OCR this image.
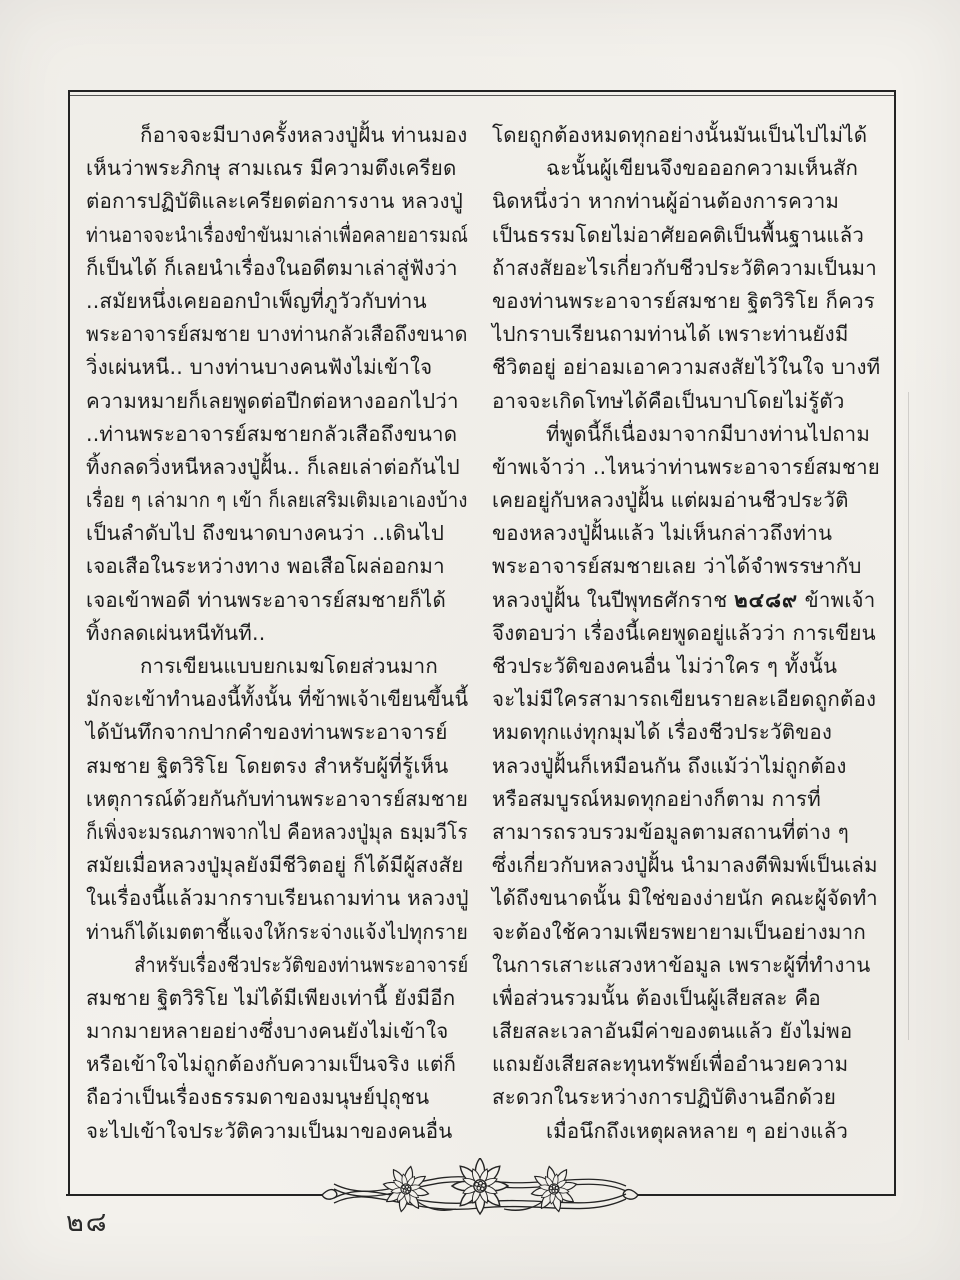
ก็อาจจะมีบางครั้งหลวงปู่ฝั้น ท่านมอง
เห็นว่าพระภิกษุ สามเณร มีความตึงเครียด
ต่อการปฏิบัติและเครียดต่อการงาน หลวงปู่
ท่านอาจจะนำเรื่องขำขันมาเล่าเพื่อคลายอารมณ์
ก็เป็นได้ ก็เลยนำเรื่องในอดีตมาเล่าสู่ฟังว่า
..สมัยหนึ่งเคยออกบำเพ็ญที่ภูวัวกับท่าน
พระอาจารย์สมชาย บางท่านกลัวเสือถึงขนาด
วิ่งเผ่นหนี.. บางท่านบางคนฟังไม่เข้าใจ
ความหมายก็เลยพูดต่อปีกต่อหางออกไปว่า
..ท่านพระอาจารย์สมชายกลัวเสือถึงขนาด
ทิ้งกลดวิ่งหนีหลวงปู่ฝั้น.. ก็เลยเล่าต่อกันไป
เรื่อย ๆ เล่ามาก ๆ เข้า ก็เลยเสริมเติมเอาเองบ้าง
เป็นลำดับไป ถึงขนาดบางคนว่า ..เดินไป
เจอเสือในระหว่างทาง พอเสือโผล่ออกมา
เจอเข้าพอดี ท่านพระอาจารย์สมชายก็ได้
ทิ้งกลดเผ่นหนีทันที..
การเขียนแบบยกเมฆโดยส่วนมาก
มักจะเข้าทำนองนี้ทั้งนั้น ที่ข้าพเจ้าเขียนขึ้นนี้
ได้บันทึกจากปากคำของท่านพระอาจารย์
สมชาย ฐิตวิริโย โดยตรง สำหรับผู้ที่รู้เห็น
เหตุการณ์ด้วยกันกับท่านพระอาจารย์สมชาย
ก็เพิ่งจะมรณภาพจากไป คือหลวงปู่มุล ธมฺมวีโร
สมัยเมื่อหลวงปู่มุลยังมีชีวิตอยู่ ก็ได้มีผู้สงสัย
ในเรื่องนี้แล้วมากราบเรียนถามท่าน หลวงปู่
ท่านก็ได้เมตตาชี้แจงให้กระจ่างแจ้งไปทุกราย
สำหรับเรื่องชีวประวัติของท่านพระอาจารย์
สมชาย ฐิตวิริโย ไม่ได้มีเพียงเท่านี้ ยังมีอีก
มากมายหลายอย่างซึ่งบางคนยังไม่เข้าใจ
หรือเข้าใจไม่ถูกต้องกับความเป็นจริง แต่ก็
ถือว่าเป็นเรื่องธรรมดาของมนุษย์ปุถุชน
จะไปเข้าใจประวัติความเป็นมาของคนอื่น
โดยถูกต้องหมดทุกอย่างนั้นมันเป็นไปไม่ได้
ฉะนั้นผู้เขียนจึงขอออกความเห็นสัก
นิดหนึ่งว่า หากท่านผู้อ่านต้องการความ
เป็นธรรมโดยไม่อาศัยอคติเป็นพื้นฐานแล้ว
ถ้าสงสัยอะไรเกี่ยวกับชีวประวัติความเป็นมา
ของท่านพระอาจารย์สมชาย ฐิตวิริโย ก็ควร
ไปกราบเรียนถามท่านได้ เพราะท่านยังมี
ชีวิตอยู่ อย่าอมเอาความสงสัยไว้ในใจ บางที
อาจจะเกิดโทษได้คือเป็นบาปโดยไม่รู้ตัว
ที่พูดนี้ก็เนื่องมาจากมีบางท่านไปถาม
ข้าพเจ้าว่า ..ไหนว่าท่านพระอาจารย์สมชาย
เคยอยู่กับหลวงปู่ฝั้น แต่ผมอ่านชีวประวัติ
ของหลวงปู่ฝั้นแล้ว ไม่เห็นกล่าวถึงท่าน
พระอาจารย์สมชายเลย ว่าได้จำพรรษากับ
หลวงปู่ฝั้น ในปีพุทธศักราช ๒๔๘๙ ข้าพเจ้า
จึงตอบว่า เรื่องนี้เคยพูดอยู่แล้วว่า การเขียน
ชีวประวัติของคนอื่น ไม่ว่าใคร ๆ ทั้งนั้น
จะไม่มีใครสามารถเขียนรายละเอียดถูกต้อง
หมดทุกแง่ทุกมุมได้ เรื่องชีวประวัติของ
หลวงปู่ฝั้นก็เหมือนกัน ถึงแม้ว่าไม่ถูกต้อง
หรือสมบูรณ์หมดทุกอย่างก็ตาม การที่
สามารถรวบรวมข้อมูลตามสถานที่ต่าง ๆ
ซึ่งเกี่ยวกับหลวงปู่ฝั้น นำมาลงตีพิมพ์เป็นเล่ม
ได้ถึงขนาดนั้น มิใช่ของง่ายนัก คณะผู้จัดทำ
จะต้องใช้ความเพียรพยายามเป็นอย่างมาก
ในการเสาะแสวงหาข้อมูล เพราะผู้ที่ทำงาน
เพื่อส่วนรวมนั้น ต้องเป็นผู้เสียสละ คือ
เสียสละเวลาอันมีค่าของตนแล้ว ยังไม่พอ
แถมยังเสียสละทุนทรัพย์เพื่ออำนวยความ
สะดวกในระหว่างการปฏิบัติงานอีกด้วย
เมื่อนึกถึงเหตุผลหลาย ๆ อย่างแล้ว
๒๘
